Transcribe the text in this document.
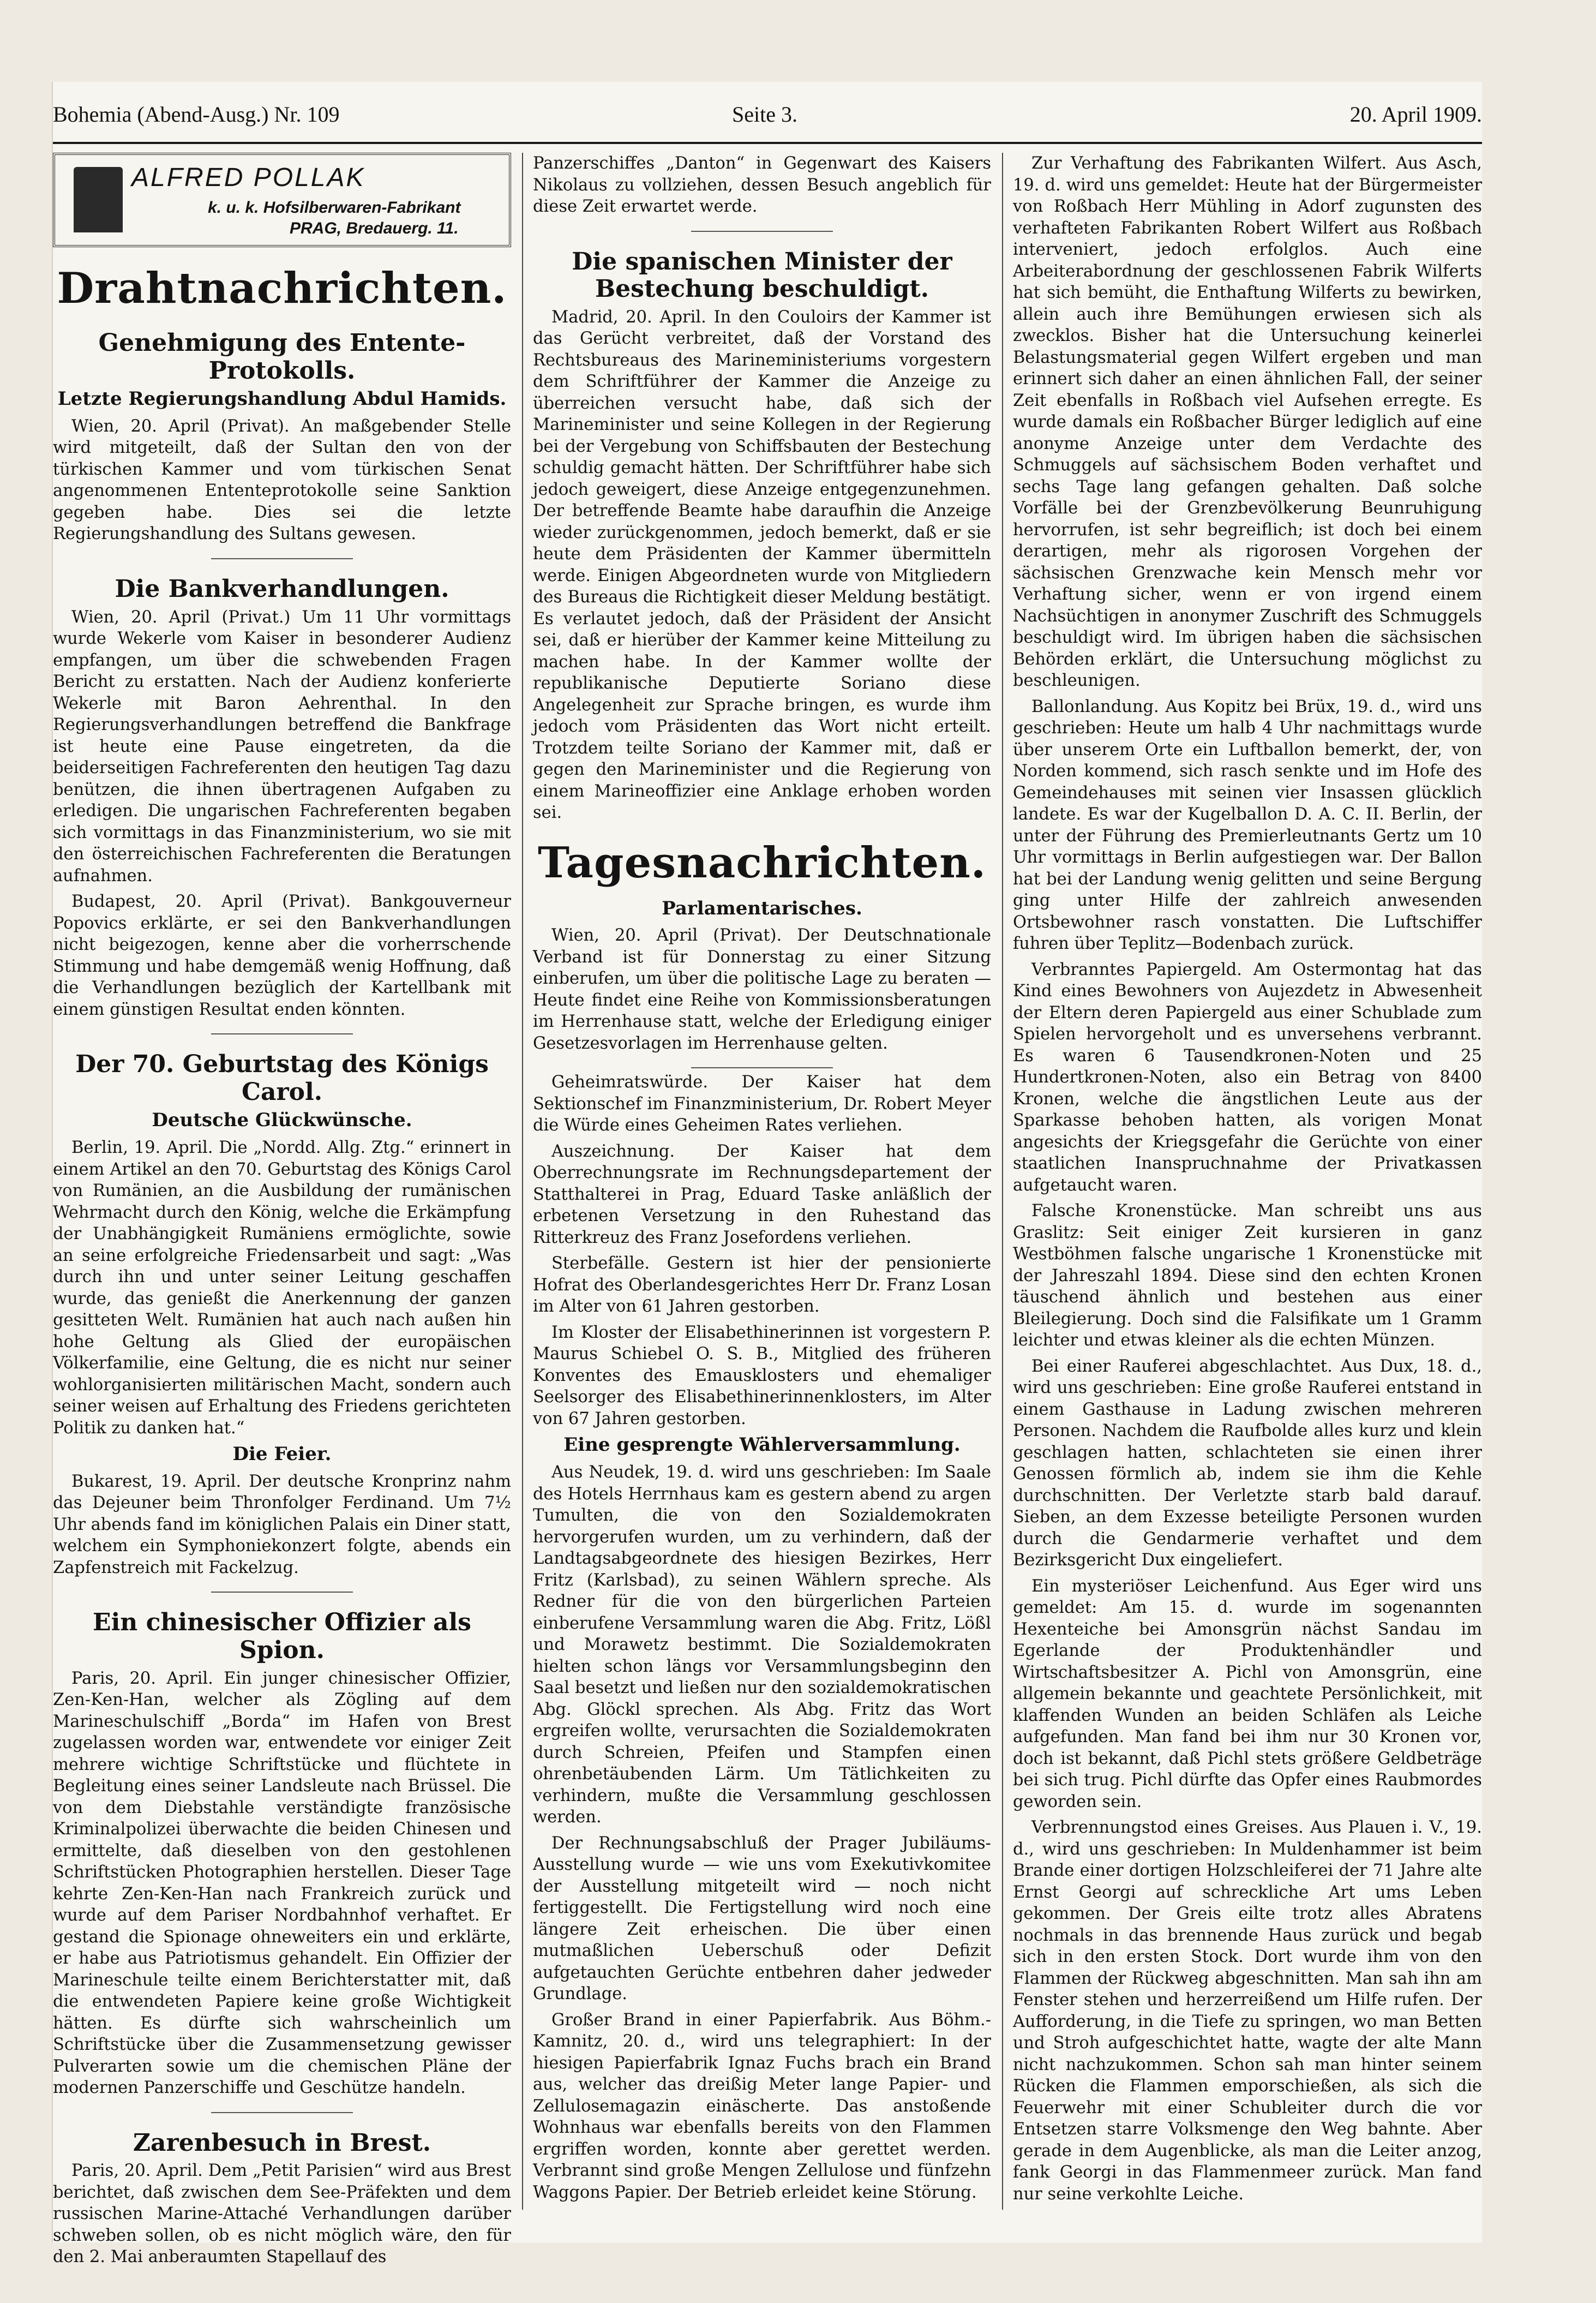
Bohemia (Abend-Ausg.) Nr. 109	Seite 3.	20. April 1909.
ALFRED POLLAK
k. u. k. Hofsilberwaren-Fabrikant
PRAG, Bredauerg. 11.
Drahtnachrichten.
Genehmigung des Entente-Protokolls.
Letzte Regierungshandlung Abdul Hamids.

Wien, 20. April (Privat). An maßgebender Stelle wird mitgeteilt, daß der Sultan den von der türkischen Kammer und vom türkischen Senat angenommenen Ententeprotokolle seine Sanktion gegeben habe. Dies sei die letzte Regierungshandlung des Sultans gewesen.

Die Bankverhandlungen.

Wien, 20. April (Privat.) Um 11 Uhr vormittags wurde Wekerle vom Kaiser in besonderer Audienz empfangen, um über die schwebenden Fragen Bericht zu erstatten. Nach der Audienz konferierte Wekerle mit Baron Aehrenthal. In den Regierungsverhandlungen betreffend die Bankfrage ist heute eine Pause eingetreten, da die beiderseitigen Fachreferenten den heutigen Tag dazu benützen, die ihnen übertragenen Aufgaben zu erledigen. Die ungarischen Fachreferenten begaben sich vormittags in das Finanzministerium, wo sie mit den österreichischen Fachreferenten die Beratungen aufnahmen.

Budapest, 20. April (Privat). Bankgouverneur Popovics erklärte, er sei den Bankverhandlungen nicht beigezogen, kenne aber die vorherrschende Stimmung und habe demgemäß wenig Hoffnung, daß die Verhandlungen bezüglich der Kartellbank mit einem günstigen Resultat enden könnten.

Der 70. Geburtstag des Königs Carol.
Deutsche Glückwünsche.

Berlin, 19. April. Die „Nordd. Allg. Ztg.“ erinnert in einem Artikel an den 70. Geburtstag des Königs Carol von Rumänien, an die Ausbildung der rumänischen Wehrmacht durch den König, welche die Erkämpfung der Unabhängigkeit Rumäniens ermöglichte, sowie an seine erfolgreiche Friedensarbeit und sagt: „Was durch ihn und unter seiner Leitung geschaffen wurde, das genießt die Anerkennung der ganzen gesitteten Welt. Rumänien hat auch nach außen hin hohe Geltung als Glied der europäischen Völkerfamilie, eine Geltung, die es nicht nur seiner wohlorganisierten militärischen Macht, sondern auch seiner weisen auf Erhaltung des Friedens gerichteten Politik zu danken hat.“

Die Feier.

Bukarest, 19. April. Der deutsche Kronprinz nahm das Dejeuner beim Thronfolger Ferdinand. Um 7½ Uhr abends fand im königlichen Palais ein Diner statt, welchem ein Symphoniekonzert folgte, abends ein Zapfenstreich mit Fackelzug.

Ein chinesischer Offizier als Spion.

Paris, 20. April. Ein junger chinesischer Offizier, Zen-Ken-Han, welcher als Zögling auf dem Marineschulschiff „Borda“ im Hafen von Brest zugelassen worden war, entwendete vor einiger Zeit mehrere wichtige Schriftstücke und flüchtete in Begleitung eines seiner Landsleute nach Brüssel. Die von dem Diebstahle verständigte französische Kriminalpolizei überwachte die beiden Chinesen und ermittelte, daß dieselben von den gestohlenen Schriftstücken Photographien herstellen. Dieser Tage kehrte Zen-Ken-Han nach Frankreich zurück und wurde auf dem Pariser Nordbahnhof verhaftet. Er gestand die Spionage ohneweiters ein und erklärte, er habe aus Patriotismus gehandelt. Ein Offizier der Marineschule teilte einem Berichterstatter mit, daß die entwendeten Papiere keine große Wichtigkeit hätten. Es dürfte sich wahrscheinlich um Schriftstücke über die Zusammensetzung gewisser Pulverarten sowie um die chemischen Pläne der modernen Panzerschiffe und Geschütze handeln.

Zarenbesuch in Brest.

Paris, 20. April. Dem „Petit Parisien“ wird aus Brest berichtet, daß zwischen dem See-Präfekten und dem russischen Marine-Attaché Verhandlungen darüber schweben sollen, ob es nicht möglich wäre, den für den 2. Mai anberaumten Stapellauf des

Panzerschiffes „Danton“ in Gegenwart des Kaisers Nikolaus zu vollziehen, dessen Besuch angeblich für diese Zeit erwartet werde.

Die spanischen Minister der Bestechung beschuldigt.

Madrid, 20. April. In den Couloirs der Kammer ist das Gerücht verbreitet, daß der Vorstand des Rechtsbureaus des Marineministeriums vorgestern dem Schriftführer der Kammer die Anzeige zu überreichen versucht habe, daß sich der Marineminister und seine Kollegen in der Regierung bei der Vergebung von Schiffsbauten der Bestechung schuldig gemacht hätten. Der Schriftführer habe sich jedoch geweigert, diese Anzeige entgegenzunehmen. Der betreffende Beamte habe daraufhin die Anzeige wieder zurückgenommen, jedoch bemerkt, daß er sie heute dem Präsidenten der Kammer übermitteln werde. Einigen Abgeordneten wurde von Mitgliedern des Bureaus die Richtigkeit dieser Meldung bestätigt. Es verlautet jedoch, daß der Präsident der Ansicht sei, daß er hierüber der Kammer keine Mitteilung zu machen habe. In der Kammer wollte der republikanische Deputierte Soriano diese Angelegenheit zur Sprache bringen, es wurde ihm jedoch vom Präsidenten das Wort nicht erteilt. Trotzdem teilte Soriano der Kammer mit, daß er gegen den Marineminister und die Regierung von einem Marineoffizier eine Anklage erhoben worden sei.

Tagesnachrichten.
Parlamentarisches.

Wien, 20. April (Privat). Der Deutschnationale Verband ist für Donnerstag zu einer Sitzung einberufen, um über die politische Lage zu beraten — Heute findet eine Reihe von Kommissionsberatungen im Herrenhause statt, welche der Erledigung einiger Gesetzesvorlagen im Herrenhause gelten.

Geheimratswürde. Der Kaiser hat dem Sektionschef im Finanzministerium, Dr. Robert Meyer die Würde eines Geheimen Rates verliehen.

Auszeichnung. Der Kaiser hat dem Oberrechnungsrate im Rechnungsdepartement der Statthalterei in Prag, Eduard Taske anläßlich der erbetenen Versetzung in den Ruhestand das Ritterkreuz des Franz Josefordens verliehen.

Sterbefälle. Gestern ist hier der pensionierte Hofrat des Oberlandesgerichtes Herr Dr. Franz Losan im Alter von 61 Jahren gestorben.

Im Kloster der Elisabethinerinnen ist vorgestern P. Maurus Schiebel O. S. B., Mitglied des früheren Konventes des Emausklosters und ehemaliger Seelsorger des Elisabethinerinnenklosters, im Alter von 67 Jahren gestorben.

Eine gesprengte Wählerversammlung.

Aus Neudek, 19. d. wird uns geschrieben: Im Saale des Hotels Herrnhaus kam es gestern abend zu argen Tumulten, die von den Sozialdemokraten hervorgerufen wurden, um zu verhindern, daß der Landtagsabgeordnete des hiesigen Bezirkes, Herr Fritz (Karlsbad), zu seinen Wählern spreche. Als Redner für die von den bürgerlichen Parteien einberufene Versammlung waren die Abg. Fritz, Lößl und Morawetz bestimmt. Die Sozialdemokraten hielten schon längs vor Versammlungsbeginn den Saal besetzt und ließen nur den sozialdemokratischen Abg. Glöckl sprechen. Als Abg. Fritz das Wort ergreifen wollte, verursachten die Sozialdemokraten durch Schreien, Pfeifen und Stampfen einen ohrenbetäubenden Lärm. Um Tätlichkeiten zu verhindern, mußte die Versammlung geschlossen werden.

Der Rechnungsabschluß der Prager Jubiläums-Ausstellung wurde — wie uns vom Exekutivkomitee der Ausstellung mitgeteilt wird — noch nicht fertiggestellt. Die Fertigstellung wird noch eine längere Zeit erheischen. Die über einen mutmaßlichen Ueberschuß oder Defizit aufgetauchten Gerüchte entbehren daher jedweder Grundlage.

Großer Brand in einer Papierfabrik. Aus Böhm.-Kamnitz, 20. d., wird uns telegraphiert: In der hiesigen Papierfabrik Ignaz Fuchs brach ein Brand aus, welcher das dreißig Meter lange Papier- und Zellulosemagazin einäscherte. Das anstoßende Wohnhaus war ebenfalls bereits von den Flammen ergriffen worden, konnte aber gerettet werden. Verbrannt sind große Mengen Zellulose und fünfzehn Waggons Papier. Der Betrieb erleidet keine Störung.

Zur Verhaftung des Fabrikanten Wilfert. Aus Asch, 19. d. wird uns gemeldet: Heute hat der Bürgermeister von Roßbach Herr Mühling in Adorf zugunsten des verhafteten Fabrikanten Robert Wilfert aus Roßbach interveniert, jedoch erfolglos. Auch eine Arbeiterabordnung der geschlossenen Fabrik Wilferts hat sich bemüht, die Enthaftung Wilferts zu bewirken, allein auch ihre Bemühungen erwiesen sich als zwecklos. Bisher hat die Untersuchung keinerlei Belastungsmaterial gegen Wilfert ergeben und man erinnert sich daher an einen ähnlichen Fall, der seiner Zeit ebenfalls in Roßbach viel Aufsehen erregte. Es wurde damals ein Roßbacher Bürger lediglich auf eine anonyme Anzeige unter dem Verdachte des Schmuggels auf sächsischem Boden verhaftet und sechs Tage lang gefangen gehalten. Daß solche Vorfälle bei der Grenzbevölkerung Beunruhigung hervorrufen, ist sehr begreiflich; ist doch bei einem derartigen, mehr als rigorosen Vorgehen der sächsischen Grenzwache kein Mensch mehr vor Verhaftung sicher, wenn er von irgend einem Nachsüchtigen in anonymer Zuschrift des Schmuggels beschuldigt wird. Im übrigen haben die sächsischen Behörden erklärt, die Untersuchung möglichst zu beschleunigen.

Ballonlandung. Aus Kopitz bei Brüx, 19. d., wird uns geschrieben: Heute um halb 4 Uhr nachmittags wurde über unserem Orte ein Luftballon bemerkt, der, von Norden kommend, sich rasch senkte und im Hofe des Gemeindehauses mit seinen vier Insassen glücklich landete. Es war der Kugelballon D. A. C. II. Berlin, der unter der Führung des Premierleutnants Gertz um 10 Uhr vormittags in Berlin aufgestiegen war. Der Ballon hat bei der Landung wenig gelitten und seine Bergung ging unter Hilfe der zahlreich anwesenden Ortsbewohner rasch vonstatten. Die Luftschiffer fuhren über Teplitz—Bodenbach zurück.

Verbranntes Papiergeld. Am Ostermontag hat das Kind eines Bewohners von Aujezdetz in Abwesenheit der Eltern deren Papiergeld aus einer Schublade zum Spielen hervorgeholt und es unversehens verbrannt. Es waren 6 Tausendkronen-Noten und 25 Hundertkronen-Noten, also ein Betrag von 8400 Kronen, welche die ängstlichen Leute aus der Sparkasse behoben hatten, als vorigen Monat angesichts der Kriegsgefahr die Gerüchte von einer staatlichen Inanspruchnahme der Privatkassen aufgetaucht waren.

Falsche Kronenstücke. Man schreibt uns aus Graslitz: Seit einiger Zeit kursieren in ganz Westböhmen falsche ungarische 1 Kronenstücke mit der Jahreszahl 1894. Diese sind den echten Kronen täuschend ähnlich und bestehen aus einer Bleilegierung. Doch sind die Falsifikate um 1 Gramm leichter und etwas kleiner als die echten Münzen.

Bei einer Rauferei abgeschlachtet. Aus Dux, 18. d., wird uns geschrieben: Eine große Rauferei entstand in einem Gasthause in Ladung zwischen mehreren Personen. Nachdem die Raufbolde alles kurz und klein geschlagen hatten, schlachteten sie einen ihrer Genossen förmlich ab, indem sie ihm die Kehle durchschnitten. Der Verletzte starb bald darauf. Sieben, an dem Exzesse beteiligte Personen wurden durch die Gendarmerie verhaftet und dem Bezirksgericht Dux eingeliefert.

Ein mysteriöser Leichenfund. Aus Eger wird uns gemeldet: Am 15. d. wurde im sogenannten Hexenteiche bei Amonsgrün nächst Sandau im Egerlande der Produktenhändler und Wirtschaftsbesitzer A. Pichl von Amonsgrün, eine allgemein bekannte und geachtete Persönlichkeit, mit klaffenden Wunden an beiden Schläfen als Leiche aufgefunden. Man fand bei ihm nur 30 Kronen vor, doch ist bekannt, daß Pichl stets größere Geldbeträge bei sich trug. Pichl dürfte das Opfer eines Raubmordes geworden sein.

Verbrennungstod eines Greises. Aus Plauen i. V., 19. d., wird uns geschrieben: In Muldenhammer ist beim Brande einer dortigen Holzschleiferei der 71 Jahre alte Ernst Georgi auf schreckliche Art ums Leben gekommen. Der Greis eilte trotz alles Abratens nochmals in das brennende Haus zurück und begab sich in den ersten Stock. Dort wurde ihm von den Flammen der Rückweg abgeschnitten. Man sah ihn am Fenster stehen und herzerreißend um Hilfe rufen. Der Aufforderung, in die Tiefe zu springen, wo man Betten und Stroh aufgeschichtet hatte, wagte der alte Mann nicht nachzukommen. Schon sah man hinter seinem Rücken die Flammen emporschießen, als sich die Feuerwehr mit einer Schubleiter durch die vor Entsetzen starre Volksmenge den Weg bahnte. Aber gerade in dem Augenblicke, als man die Leiter anzog, fank Georgi in das Flammenmeer zurück. Man fand nur seine verkohlte Leiche.
